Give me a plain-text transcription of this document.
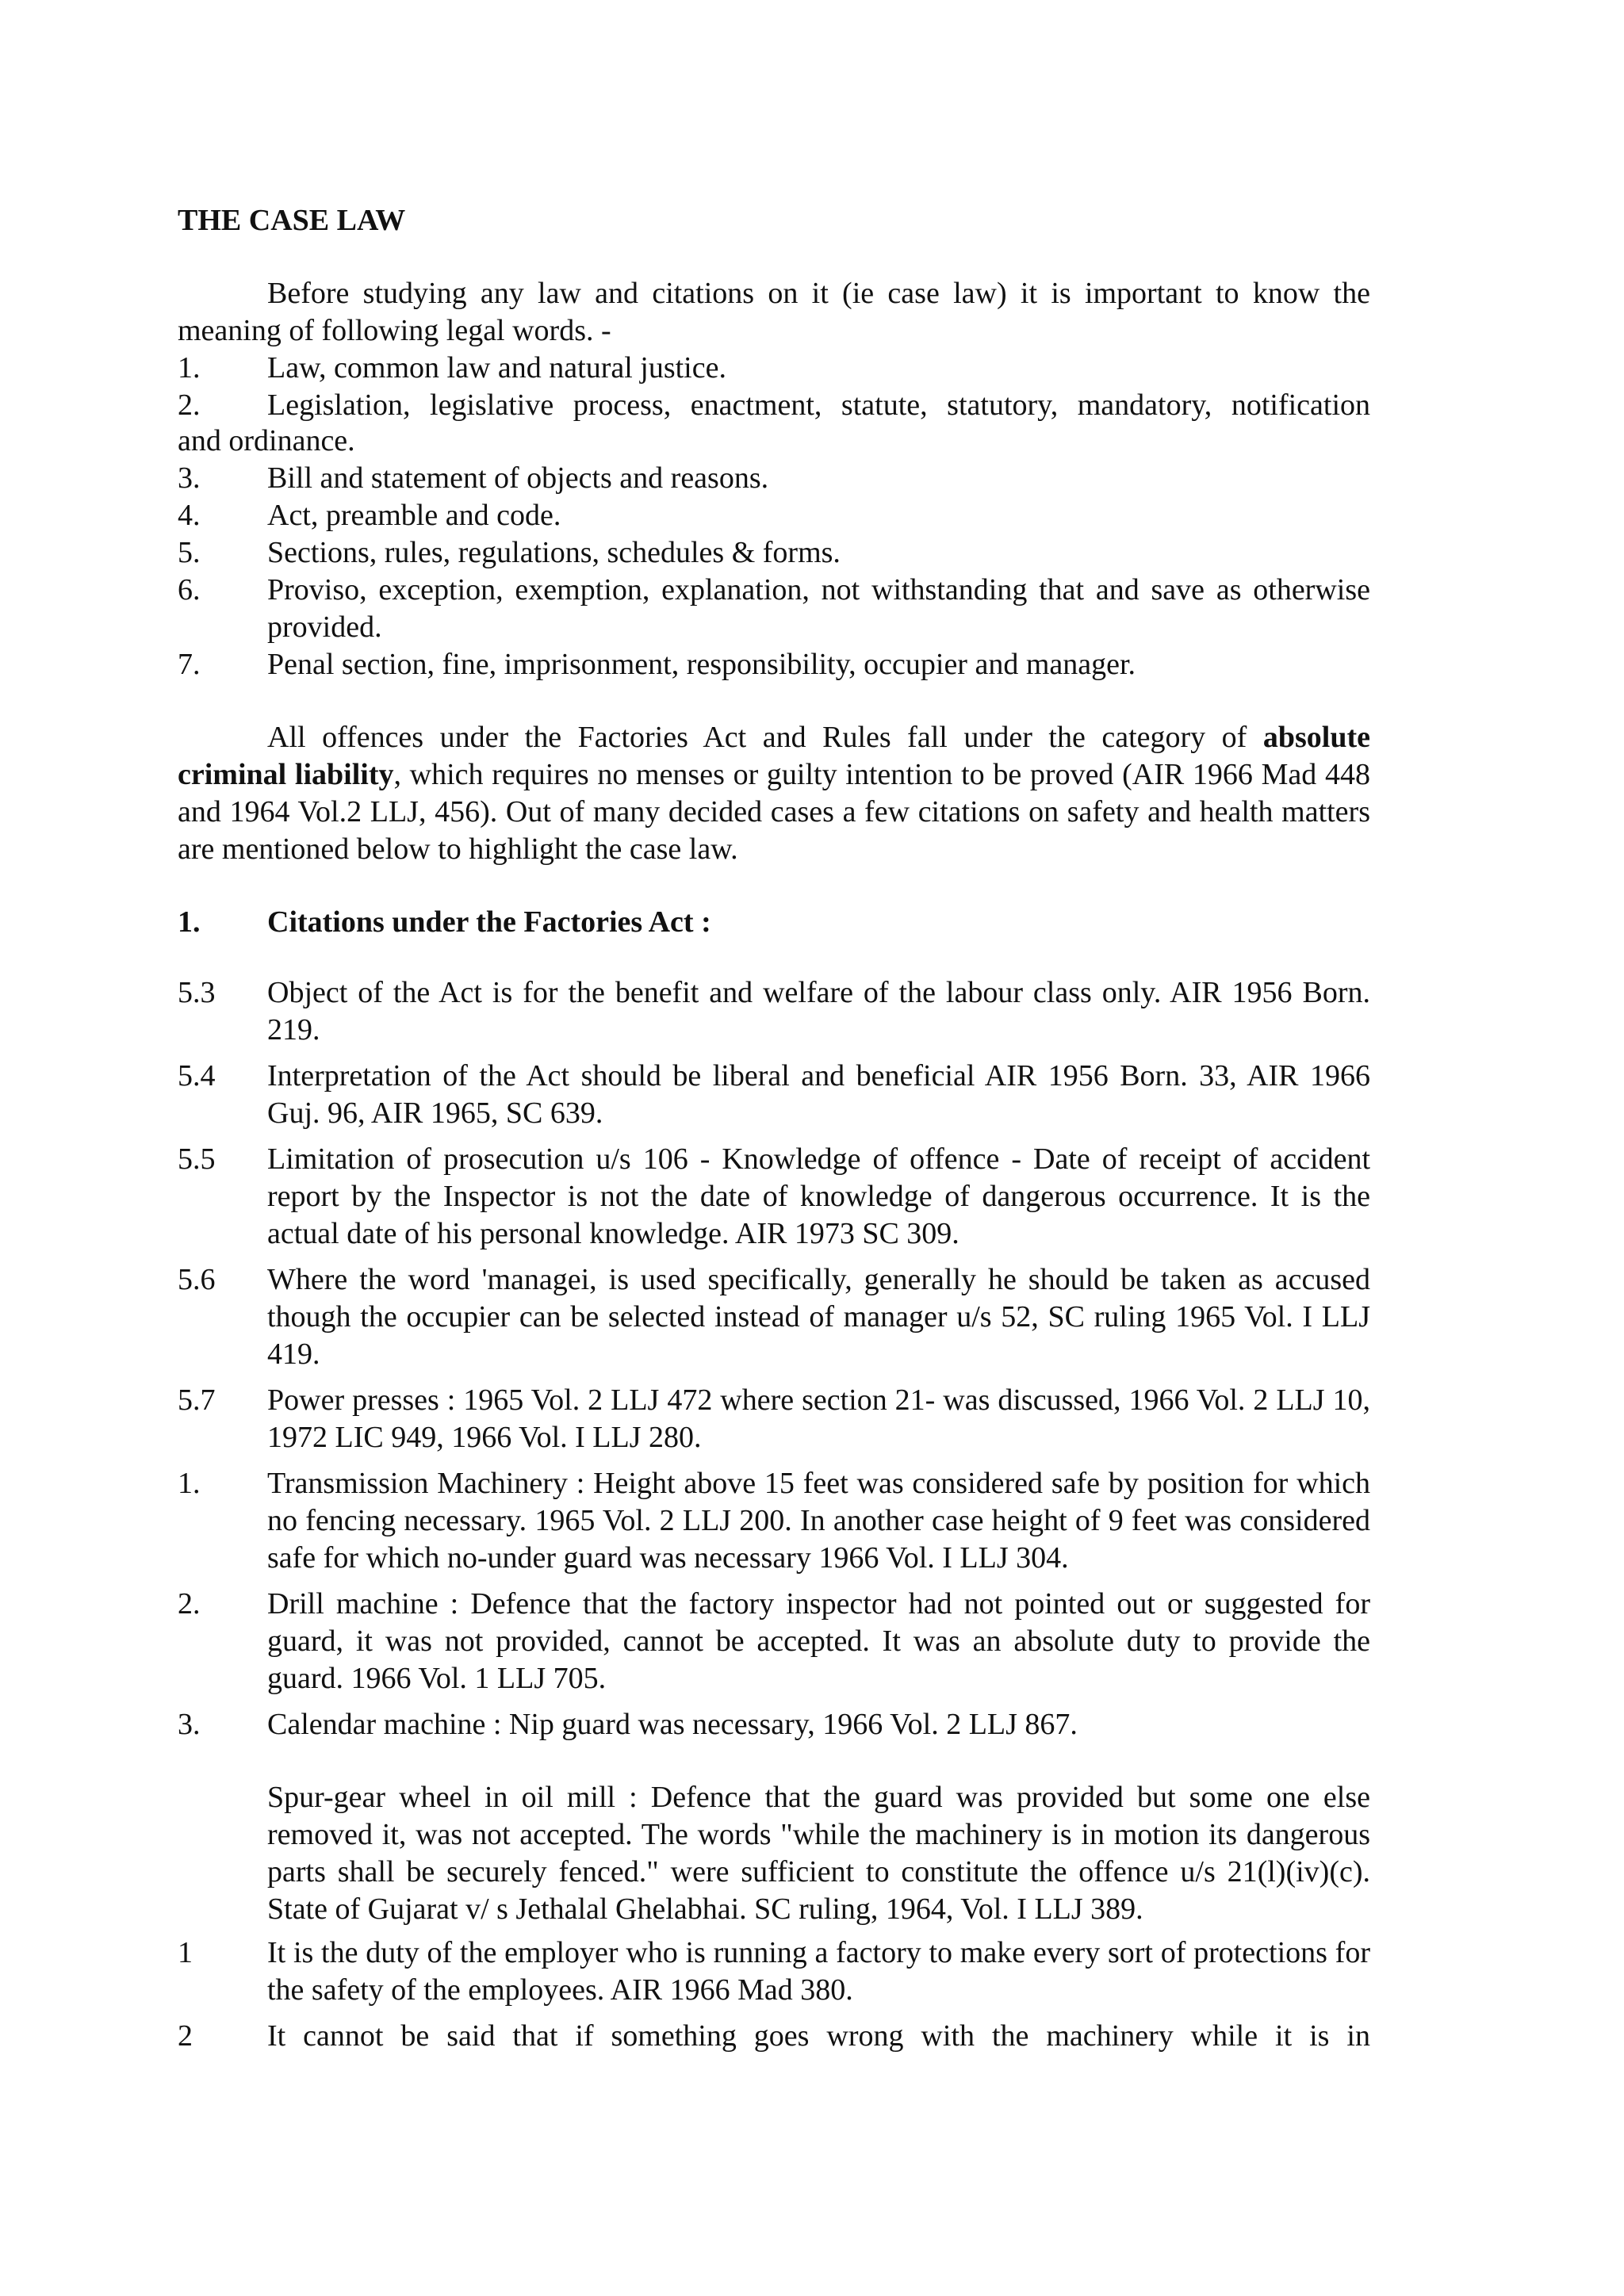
THE CASE LAW

Before studying any law and citations on it (ie case law) it is important to know the meaning of following legal words. -

1.	Law, common law and natural justice.
2.	Legislation, legislative process, enactment, statute, statutory, mandatory, notification

and ordinance.

3.	Bill and statement of objects and reasons.
4.	Act, preamble and code.
5.	Sections, rules, regulations, schedules & forms.
6.	Proviso, exception, exemption, explanation, not withstanding that and save as otherwise provided.
7.	Penal section, fine, imprisonment, responsibility, occupier and manager.

All offences under the Factories Act and Rules fall under the category of absolute criminal liability, which requires no menses or guilty intention to be proved (AIR 1966 Mad 448 and 1964 Vol.2 LLJ, 456). Out of many decided cases a few citations on safety and health matters are mentioned below to highlight the case law.

1.	Citations under the Factories Act :
5.3	Object of the Act is for the benefit and welfare of the labour class only. AIR 1956 Born. 219.
5.4	Interpretation of the Act should be liberal and beneficial AIR 1956 Born. 33, AIR 1966 Guj. 96, AIR 1965, SC 639.
5.5	Limitation of prosecution u/s 106 - Knowledge of offence - Date of receipt of accident report by the Inspector is not the date of knowledge of dangerous occurrence. It is the actual date of his personal knowledge. AIR 1973 SC 309.
5.6	Where the word 'managei, is used specifically, generally he should be taken as accused though the occupier can be selected instead of manager u/s 52, SC ruling 1965 Vol. I LLJ 419.
5.7	Power presses : 1965 Vol. 2 LLJ 472 where section 21- was discussed, 1966 Vol. 2 LLJ 10, 1972 LIC 949, 1966 Vol. I LLJ 280.
1.	Transmission Machinery : Height above 15 feet was considered safe by position for which no fencing necessary. 1965 Vol. 2 LLJ 200. In another case height of 9 feet was considered safe for which no-under guard was necessary 1966 Vol. I LLJ 304.
2.	Drill machine : Defence that the factory inspector had not pointed out or suggested for guard, it was not provided, cannot be accepted. It was an absolute duty to provide the guard. 1966 Vol. 1 LLJ 705.
3.	Calendar machine : Nip guard was necessary, 1966 Vol. 2 LLJ 867.

Spur-gear wheel in oil mill : Defence that the guard was provided but some one else removed it, was not accepted. The words "while the machinery is in motion its dangerous parts shall be securely fenced." were sufficient to constitute the offence u/s 21(l)(iv)(c). State of Gujarat v/ s Jethalal Ghelabhai. SC ruling, 1964, Vol. I LLJ 389.

1	It is the duty of the employer who is running a factory to make every sort of protections for the safety of the employees. AIR 1966 Mad 380.
2	It cannot be said that if something goes wrong with the machinery while it is in
